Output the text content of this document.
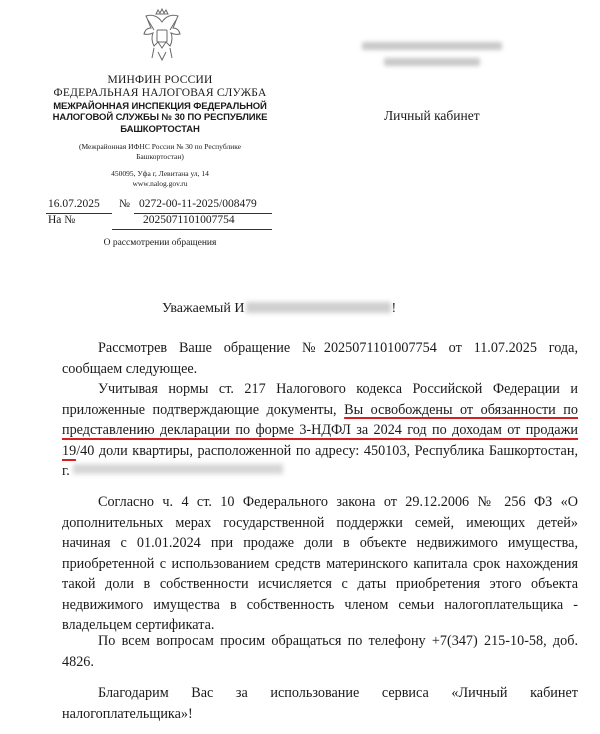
МИНФИН РОССИИ
ФЕДЕРАЛЬНАЯ НАЛОГОВАЯ СЛУЖБА
МЕЖРАЙОННАЯ ИНСПЕКЦИЯ ФЕДЕРАЛЬНОЙ
НАЛОГОВОЙ СЛУЖБЫ № 30 ПО РЕСПУБЛИКЕ
БАШКОРТОСТАН
(Межрайонная ИФНС России № 30 по Республике
Башкортостан)
450095, Уфа г, Левитана ул, 14
www.nalog.gov.ru
16.07.2025 № 0272-00-11-2025/008479
На №	2025071101007754
О рассмотрении обращения
Личный кабинет
Уважаемый И	!

Рассмотрев Ваше обращение №2025071101007754 от 11.07.2025 года, сообщаем следующее.

Учитывая нормы ст. 217 Налогового кодекса Российской Федерации и приложенные подтверждающие документы, Вы освобождены от обязанности по представлению декларации по форме 3-НДФЛ за 2024 год по доходам от продажи 19/40 доли квартиры, расположенной по адресу: 450103, Республика Башкортостан, г.

Согласно ч. 4 ст. 10 Федерального закона от 29.12.2006 № 256 ФЗ «О дополнительных мерах государственной поддержки семей, имеющих детей» начиная с 01.01.2024 при продаже доли в объекте недвижимого имущества, приобретенной с использованием средств материнского капитала срок нахождения такой доли в собственности исчисляется с даты приобретения этого объекта недвижимого имущества в собственность членом семьи налогоплательщика - владельцем сертификата.

По всем вопросам просим обращаться по телефону +7(347) 215-10-58, доб. 4826.

Благодарим Вас за использование сервиса «Личный кабинет налогоплательщика»!
